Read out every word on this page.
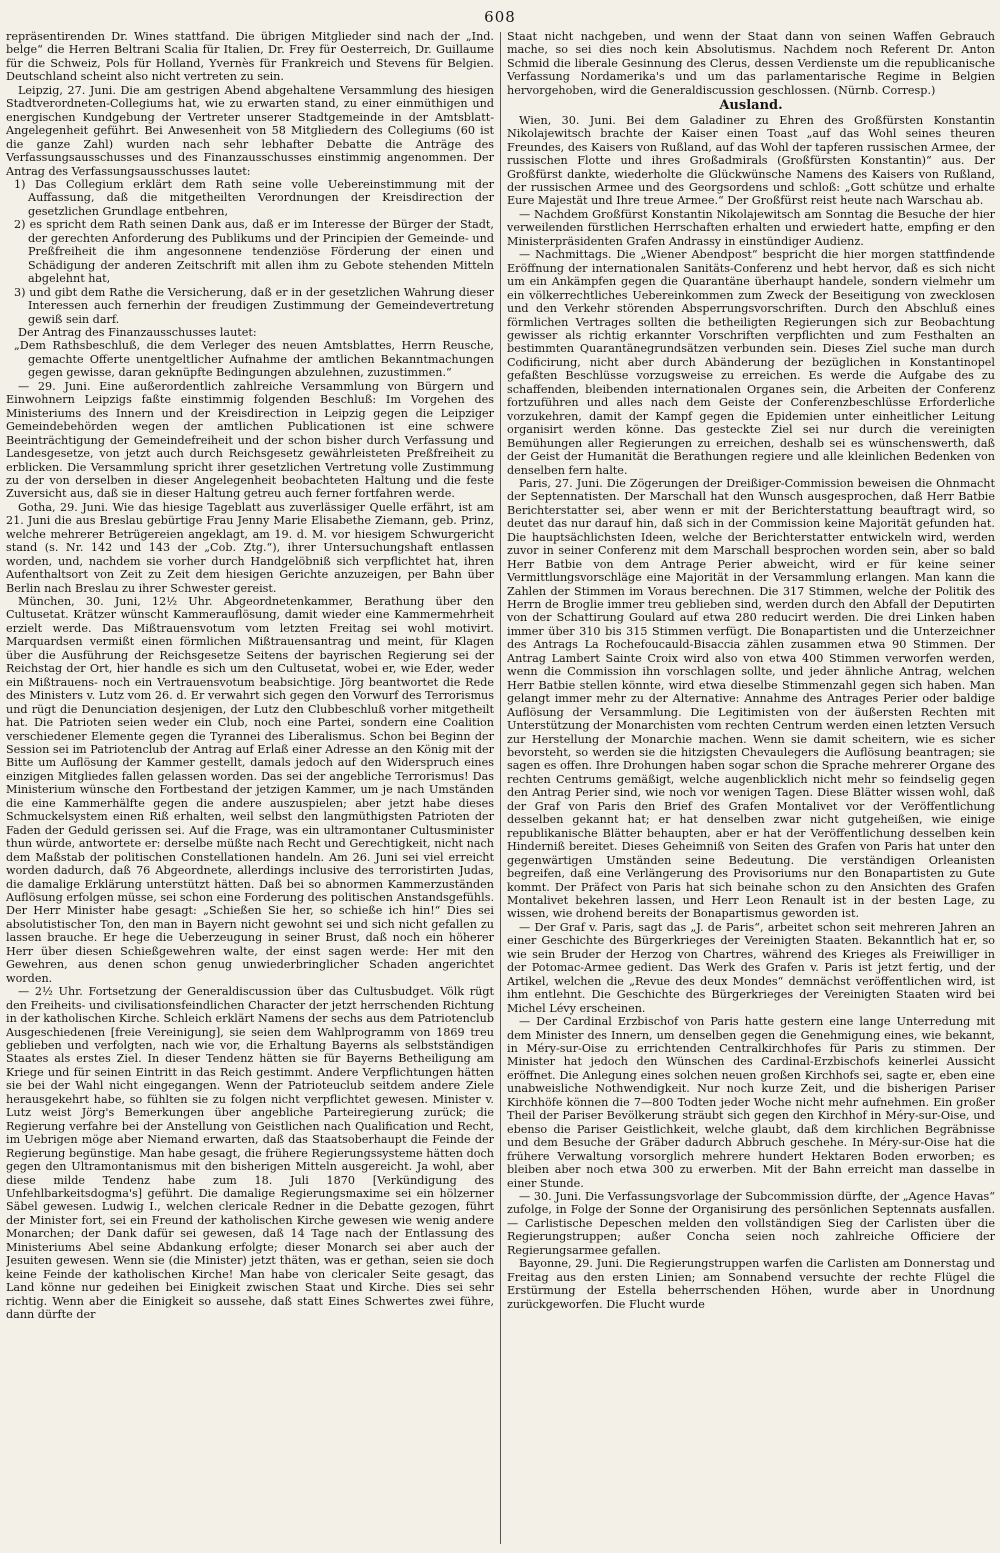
608

repräsentirenden Dr. Wines stattfand. Die übrigen Mitglieder sind nach der „Ind. belge“ die Herren Beltrani Scalia für Italien, Dr. Frey für Oesterreich, Dr. Guillaume für die Schweiz, Pols für Holland, Yvernès für Frankreich und Stevens für Belgien. Deutschland scheint also nicht vertreten zu sein.

Leipzig, 27. Juni. Die am gestrigen Abend abgehaltene Versammlung des hiesigen Stadtverordneten-Collegiums hat, wie zu erwarten stand, zu einer einmüthigen und energischen Kundgebung der Vertreter unserer Stadtgemeinde in der Amtsblatt-Angelegenheit geführt. Bei Anwesenheit von 58 Mitgliedern des Collegiums (60 ist die ganze Zahl) wurden nach sehr lebhafter Debatte die Anträge des Verfassungsausschusses und des Finanzausschusses einstimmig angenommen. Der Antrag des Verfassungsausschusses lautet:

1) Das Collegium erklärt dem Rath seine volle Uebereinstimmung mit der Auffassung, daß die mitgetheilten Verordnungen der Kreisdirection der gesetzlichen Grundlage entbehren,

2) es spricht dem Rath seinen Dank aus, daß er im Interesse der Bürger der Stadt, der gerechten Anforderung des Publikums und der Principien der Gemeinde- und Preßfreiheit die ihm angesonnene tendenziöse Förderung der einen und Schädigung der anderen Zeitschrift mit allen ihm zu Gebote stehenden Mitteln abgelehnt hat,

3) und gibt dem Rathe die Versicherung, daß er in der gesetzlichen Wahrung dieser Interessen auch fernerhin der freudigen Zustimmung der Gemeindevertretung gewiß sein darf.

Der Antrag des Finanzausschusses lautet:

„Dem Rathsbeschluß, die dem Verleger des neuen Amtsblattes, Herrn Reusche, gemachte Offerte unentgeltlicher Aufnahme der amtlichen Bekanntmachungen gegen gewisse, daran geknüpfte Bedingungen abzulehnen, zuzustimmen.“

— 29. Juni. Eine außerordentlich zahlreiche Versammlung von Bürgern und Einwohnern Leipzigs faßte einstimmig folgenden Beschluß: Im Vorgehen des Ministeriums des Innern und der Kreisdirection in Leipzig gegen die Leipziger Gemeindebehörden wegen der amtlichen Publicationen ist eine schwere Beeinträchtigung der Gemeindefreiheit und der schon bisher durch Verfassung und Landesgesetze, von jetzt auch durch Reichsgesetz gewährleisteten Preßfreiheit zu erblicken. Die Versammlung spricht ihrer gesetzlichen Vertretung volle Zustimmung zu der von derselben in dieser Angelegenheit beobachteten Haltung und die feste Zuversicht aus, daß sie in dieser Haltung getreu auch ferner fortfahren werde.

Gotha, 29. Juni. Wie das hiesige Tageblatt aus zuverlässiger Quelle erfährt, ist am 21. Juni die aus Breslau gebürtige Frau Jenny Marie Elisabethe Ziemann, geb. Prinz, welche mehrerer Betrügereien angeklagt, am 19. d. M. vor hiesigem Schwurgericht stand (s. Nr. 142 und 143 der „Cob. Ztg.“), ihrer Untersuchungshaft entlassen worden, und, nachdem sie vorher durch Handgelöbniß sich verpflichtet hat, ihren Aufenthaltsort von Zeit zu Zeit dem hiesigen Gerichte anzuzeigen, per Bahn über Berlin nach Breslau zu ihrer Schwester gereist.

München, 30. Juni, 12½ Uhr. Abgeordnetenkammer, Berathung über den Cultusetat. Krätzer wünscht Kammerauflösung, damit wieder eine Kammermehrheit erzielt werde. Das Mißtrauensvotum vom letzten Freitag sei wohl motivirt. Marquardsen vermißt einen förmlichen Mißtrauensantrag und meint, für Klagen über die Ausführung der Reichsgesetze Seitens der bayrischen Regierung sei der Reichstag der Ort, hier handle es sich um den Cultusetat, wobei er, wie Eder, weder ein Mißtrauens- noch ein Vertrauensvotum beabsichtige. Jörg beantwortet die Rede des Ministers v. Lutz vom 26. d. Er verwahrt sich gegen den Vorwurf des Terrorismus und rügt die Denunciation desjenigen, der Lutz den Clubbeschluß vorher mitgetheilt hat. Die Patrioten seien weder ein Club, noch eine Partei, sondern eine Coalition verschiedener Elemente gegen die Tyrannei des Liberalismus. Schon bei Beginn der Session sei im Patriotenclub der Antrag auf Erlaß einer Adresse an den König mit der Bitte um Auflösung der Kammer gestellt, damals jedoch auf den Widerspruch eines einzigen Mitgliedes fallen gelassen worden. Das sei der angebliche Terrorismus! Das Ministerium wünsche den Fortbestand der jetzigen Kammer, um je nach Umständen die eine Kammerhälfte gegen die andere auszuspielen; aber jetzt habe dieses Schmuckelsystem einen Riß erhalten, weil selbst den langmüthigsten Patrioten der Faden der Geduld gerissen sei. Auf die Frage, was ein ultramontaner Cultusminister thun würde, antwortete er: derselbe müßte nach Recht und Gerechtigkeit, nicht nach dem Maßstab der politischen Constellationen handeln. Am 26. Juni sei viel erreicht worden dadurch, daß 76 Abgeordnete, allerdings inclusive des terroristirten Judas, die damalige Erklärung unterstützt hätten. Daß bei so abnormen Kammerzuständen Auflösung erfolgen müsse, sei schon eine Forderung des politischen Anstandsgefühls. Der Herr Minister habe gesagt: „Schießen Sie her, so schieße ich hin!“ Dies sei absolutistischer Ton, den man in Bayern nicht gewohnt sei und sich nicht gefallen zu lassen brauche. Er hege die Ueberzeugung in seiner Brust, daß noch ein höherer Herr über diesen Schießgewehren walte, der einst sagen werde: Her mit den Gewehren, aus denen schon genug unwiederbringlicher Schaden angerichtet worden.

— 2½ Uhr. Fortsetzung der Generaldiscussion über das Cultusbudget. Völk rügt den Freiheits- und civilisationsfeindlichen Character der jetzt herrschenden Richtung in der katholischen Kirche. Schleich erklärt Namens der sechs aus dem Patriotenclub Ausgeschiedenen [freie Vereinigung], sie seien dem Wahlprogramm von 1869 treu geblieben und verfolgten, nach wie vor, die Erhaltung Bayerns als selbstständigen Staates als erstes Ziel. In dieser Tendenz hätten sie für Bayerns Betheiligung am Kriege und für seinen Eintritt in das Reich gestimmt. Andere Verpflichtungen hätten sie bei der Wahl nicht eingegangen. Wenn der Patrioteuclub seitdem andere Ziele herausgekehrt habe, so fühlten sie zu folgen nicht verpflichtet gewesen. Minister v. Lutz weist Jörg's Bemerkungen über angebliche Parteiregierung zurück; die Regierung verfahre bei der Anstellung von Geistlichen nach Qualification und Recht, im Uebrigen möge aber Niemand erwarten, daß das Staatsoberhaupt die Feinde der Regierung begünstige. Man habe gesagt, die frühere Regierungssysteme hätten doch gegen den Ultramontanismus mit den bisherigen Mitteln ausgereicht. Ja wohl, aber diese milde Tendenz habe zum 18. Juli 1870 [Verkündigung des Unfehlbarkeitsdogma's] geführt. Die damalige Regierungsmaxime sei ein hölzerner Säbel gewesen. Ludwig I., welchen clericale Redner in die Debatte gezogen, führt der Minister fort, sei ein Freund der katholischen Kirche gewesen wie wenig andere Monarchen; der Dank dafür sei gewesen, daß 14 Tage nach der Entlassung des Ministeriums Abel seine Abdankung erfolgte; dieser Monarch sei aber auch der Jesuiten gewesen. Wenn sie (die Minister) jetzt thäten, was er gethan, seien sie doch keine Feinde der katholischen Kirche! Man habe von clericaler Seite gesagt, das Land könne nur gedeihen bei Einigkeit zwischen Staat und Kirche. Dies sei sehr richtig. Wenn aber die Einigkeit so aussehe, daß statt Eines Schwertes zwei führe, dann dürfte der

Staat nicht nachgeben, und wenn der Staat dann von seinen Waffen Gebrauch mache, so sei dies noch kein Absolutismus. Nachdem noch Referent Dr. Anton Schmid die liberale Gesinnung des Clerus, dessen Verdienste um die republicanische Verfassung Nordamerika's und um das parlamentarische Regime in Belgien hervorgehoben, wird die Generaldiscussion geschlossen. (Nürnb. Corresp.)

Ausland.

Wien, 30. Juni. Bei dem Galadiner zu Ehren des Großfürsten Konstantin Nikolajewitsch brachte der Kaiser einen Toast „auf das Wohl seines theuren Freundes, des Kaisers von Rußland, auf das Wohl der tapferen russischen Armee, der russischen Flotte und ihres Großadmirals (Großfürsten Konstantin)“ aus. Der Großfürst dankte, wiederholte die Glückwünsche Namens des Kaisers von Rußland, der russischen Armee und des Georgsordens und schloß: „Gott schütze und erhalte Eure Majestät und Ihre treue Armee.“ Der Großfürst reist heute nach Warschau ab.

— Nachdem Großfürst Konstantin Nikolajewitsch am Sonntag die Besuche der hier verweilenden fürstlichen Herrschaften erhalten und erwiedert hatte, empfing er den Ministerpräsidenten Grafen Andrassy in einstündiger Audienz.

— Nachmittags. Die „Wiener Abendpost“ bespricht die hier morgen stattfindende Eröffnung der internationalen Sanitäts-Conferenz und hebt hervor, daß es sich nicht um ein Ankämpfen gegen die Quarantäne überhaupt handele, sondern vielmehr um ein völkerrechtliches Uebereinkommen zum Zweck der Beseitigung von zwecklosen und den Verkehr störenden Absperrungsvorschriften. Durch den Abschluß eines förmlichen Vertrages sollten die betheiligten Regierungen sich zur Beobachtung gewisser als richtig erkannter Vorschriften verpflichten und zum Festhalten an bestimmten Quarantänegrundsätzen verbunden sein. Dieses Ziel suche man durch Codificirung, nicht aber durch Abänderung der bezüglichen in Konstantinopel gefaßten Beschlüsse vorzugsweise zu erreichen. Es werde die Aufgabe des zu schaffenden, bleibenden internationalen Organes sein, die Arbeiten der Conferenz fortzuführen und alles nach dem Geiste der Conferenzbeschlüsse Erforderliche vorzukehren, damit der Kampf gegen die Epidemien unter einheitlicher Leitung organisirt werden könne. Das gesteckte Ziel sei nur durch die vereinigten Bemühungen aller Regierungen zu erreichen, deshalb sei es wünschenswerth, daß der Geist der Humanität die Berathungen regiere und alle kleinlichen Bedenken von denselben fern halte.

Paris, 27. Juni. Die Zögerungen der Dreißiger-Commission beweisen die Ohnmacht der Septennatisten. Der Marschall hat den Wunsch ausgesprochen, daß Herr Batbie Berichterstatter sei, aber wenn er mit der Berichterstattung beauftragt wird, so deutet das nur darauf hin, daß sich in der Commission keine Majorität gefunden hat. Die hauptsächlichsten Ideen, welche der Berichterstatter entwickeln wird, werden zuvor in seiner Conferenz mit dem Marschall besprochen worden sein, aber so bald Herr Batbie von dem Antrage Perier abweicht, wird er für keine seiner Vermittlungsvorschläge eine Majorität in der Versammlung erlangen. Man kann die Zahlen der Stimmen im Voraus berechnen. Die 317 Stimmen, welche der Politik des Herrn de Broglie immer treu geblieben sind, werden durch den Abfall der Deputirten von der Schattirung Goulard auf etwa 280 reducirt werden. Die drei Linken haben immer über 310 bis 315 Stimmen verfügt. Die Bonapartisten und die Unterzeichner des Antrags La Rochefoucauld-Bisaccia zählen zusammen etwa 90 Stimmen. Der Antrag Lambert Sainte Croix wird also von etwa 400 Stimmen verworfen werden, wenn die Commission ihn vorschlagen sollte, und jeder ähnliche Antrag, welchen Herr Batbie stellen könnte, wird etwa dieselbe Stimmenzahl gegen sich haben. Man gelangt immer mehr zu der Alternative: Annahme des Antrages Perier oder baldige Auflösung der Versammlung. Die Legitimisten von der äußersten Rechten mit Unterstützung der Monarchisten vom rechten Centrum werden einen letzten Versuch zur Herstellung der Monarchie machen. Wenn sie damit scheitern, wie es sicher bevorsteht, so werden sie die hitzigsten Chevaulegers die Auflösung beantragen; sie sagen es offen. Ihre Drohungen haben sogar schon die Sprache mehrerer Organe des rechten Centrums gemäßigt, welche augenblicklich nicht mehr so feindselig gegen den Antrag Perier sind, wie noch vor wenigen Tagen. Diese Blätter wissen wohl, daß der Graf von Paris den Brief des Grafen Montalivet vor der Veröffentlichung desselben gekannt hat; er hat denselben zwar nicht gutgeheißen, wie einige republikanische Blätter behaupten, aber er hat der Veröffentlichung desselben kein Hinderniß bereitet. Dieses Geheimniß von Seiten des Grafen von Paris hat unter den gegenwärtigen Umständen seine Bedeutung. Die verständigen Orleanisten begreifen, daß eine Verlängerung des Provisoriums nur den Bonapartisten zu Gute kommt. Der Präfect von Paris hat sich beinahe schon zu den Ansichten des Grafen Montalivet bekehren lassen, und Herr Leon Renault ist in der besten Lage, zu wissen, wie drohend bereits der Bonapartismus geworden ist.

— Der Graf v. Paris, sagt das „J. de Paris“, arbeitet schon seit mehreren Jahren an einer Geschichte des Bürgerkrieges der Vereinigten Staaten. Bekanntlich hat er, so wie sein Bruder der Herzog von Chartres, während des Krieges als Freiwilliger in der Potomac-Armee gedient. Das Werk des Grafen v. Paris ist jetzt fertig, und der Artikel, welchen die „Revue des deux Mondes“ demnächst veröffentlichen wird, ist ihm entlehnt. Die Geschichte des Bürgerkrieges der Vereinigten Staaten wird bei Michel Lévy erscheinen.

— Der Cardinal Erzbischof von Paris hatte gestern eine lange Unterredung mit dem Minister des Innern, um denselben gegen die Genehmigung eines, wie bekannt, in Méry-sur-Oise zu errichtenden Centralkirchhofes für Paris zu stimmen. Der Minister hat jedoch den Wünschen des Cardinal-Erzbischofs keinerlei Aussicht eröffnet. Die Anlegung eines solchen neuen großen Kirchhofs sei, sagte er, eben eine unabweisliche Nothwendigkeit. Nur noch kurze Zeit, und die bisherigen Pariser Kirchhöfe können die 7—800 Todten jeder Woche nicht mehr aufnehmen. Ein großer Theil der Pariser Bevölkerung sträubt sich gegen den Kirchhof in Méry-sur-Oise, und ebenso die Pariser Geistlichkeit, welche glaubt, daß dem kirchlichen Begräbnisse und dem Besuche der Gräber dadurch Abbruch geschehe. In Méry-sur-Oise hat die frühere Verwaltung vorsorglich mehrere hundert Hektaren Boden erworben; es bleiben aber noch etwa 300 zu erwerben. Mit der Bahn erreicht man dasselbe in einer Stunde.

— 30. Juni. Die Verfassungsvorlage der Subcommission dürfte, der „Agence Havas“ zufolge, in Folge der Sonne der Organisirung des persönlichen Septennats ausfallen. — Carlistische Depeschen melden den vollständigen Sieg der Carlisten über die Regierungstruppen; außer Concha seien noch zahlreiche Officiere der Regierungsarmee gefallen.

Bayonne, 29. Juni. Die Regierungstruppen warfen die Carlisten am Donnerstag und Freitag aus den ersten Linien; am Sonnabend versuchte der rechte Flügel die Erstürmung der Estella beherrschenden Höhen, wurde aber in Unordnung zurückgeworfen. Die Flucht wurde
